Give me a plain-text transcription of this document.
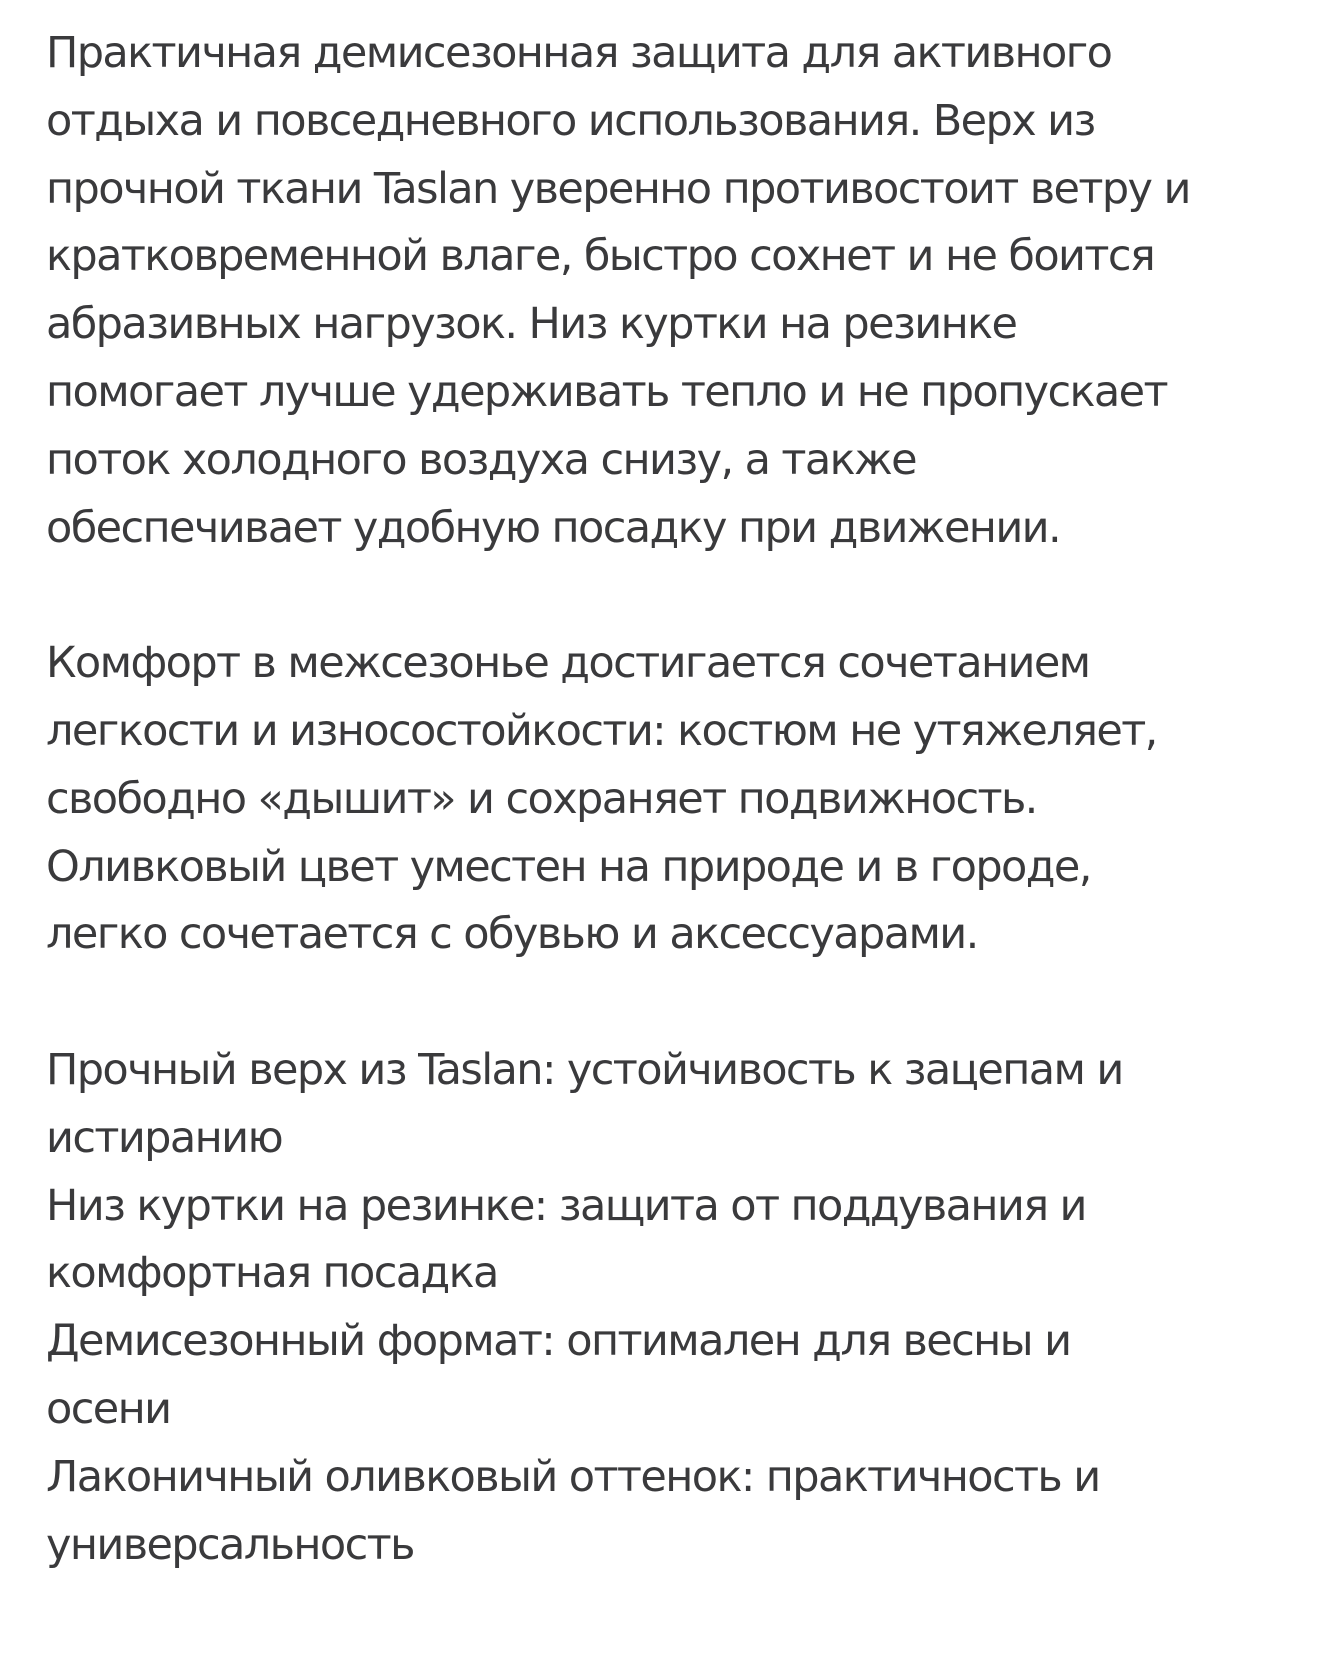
Практичная демисезонная защита для активного
отдыха и повседневного использования. Верх из
прочной ткани Taslan уверенно противостоит ветру и
кратковременной влаге, быстро сохнет и не боится
абразивных нагрузок. Низ куртки на резинке
помогает лучше удерживать тепло и не пропускает
поток холодного воздуха снизу, а также
обеспечивает удобную посадку при движении.
Комфорт в межсезонье достигается сочетанием
легкости и износостойкости: костюм не утяжеляет,
свободно «дышит» и сохраняет подвижность.
Оливковый цвет уместен на природе и в городе,
легко сочетается с обувью и аксессуарами.
Прочный верх из Taslan: устойчивость к зацепам и
истиранию
Низ куртки на резинке: защита от поддувания и
комфортная посадка
Демисезонный формат: оптимален для весны и
осени
Лаконичный оливковый оттенок: практичность и
универсальность
